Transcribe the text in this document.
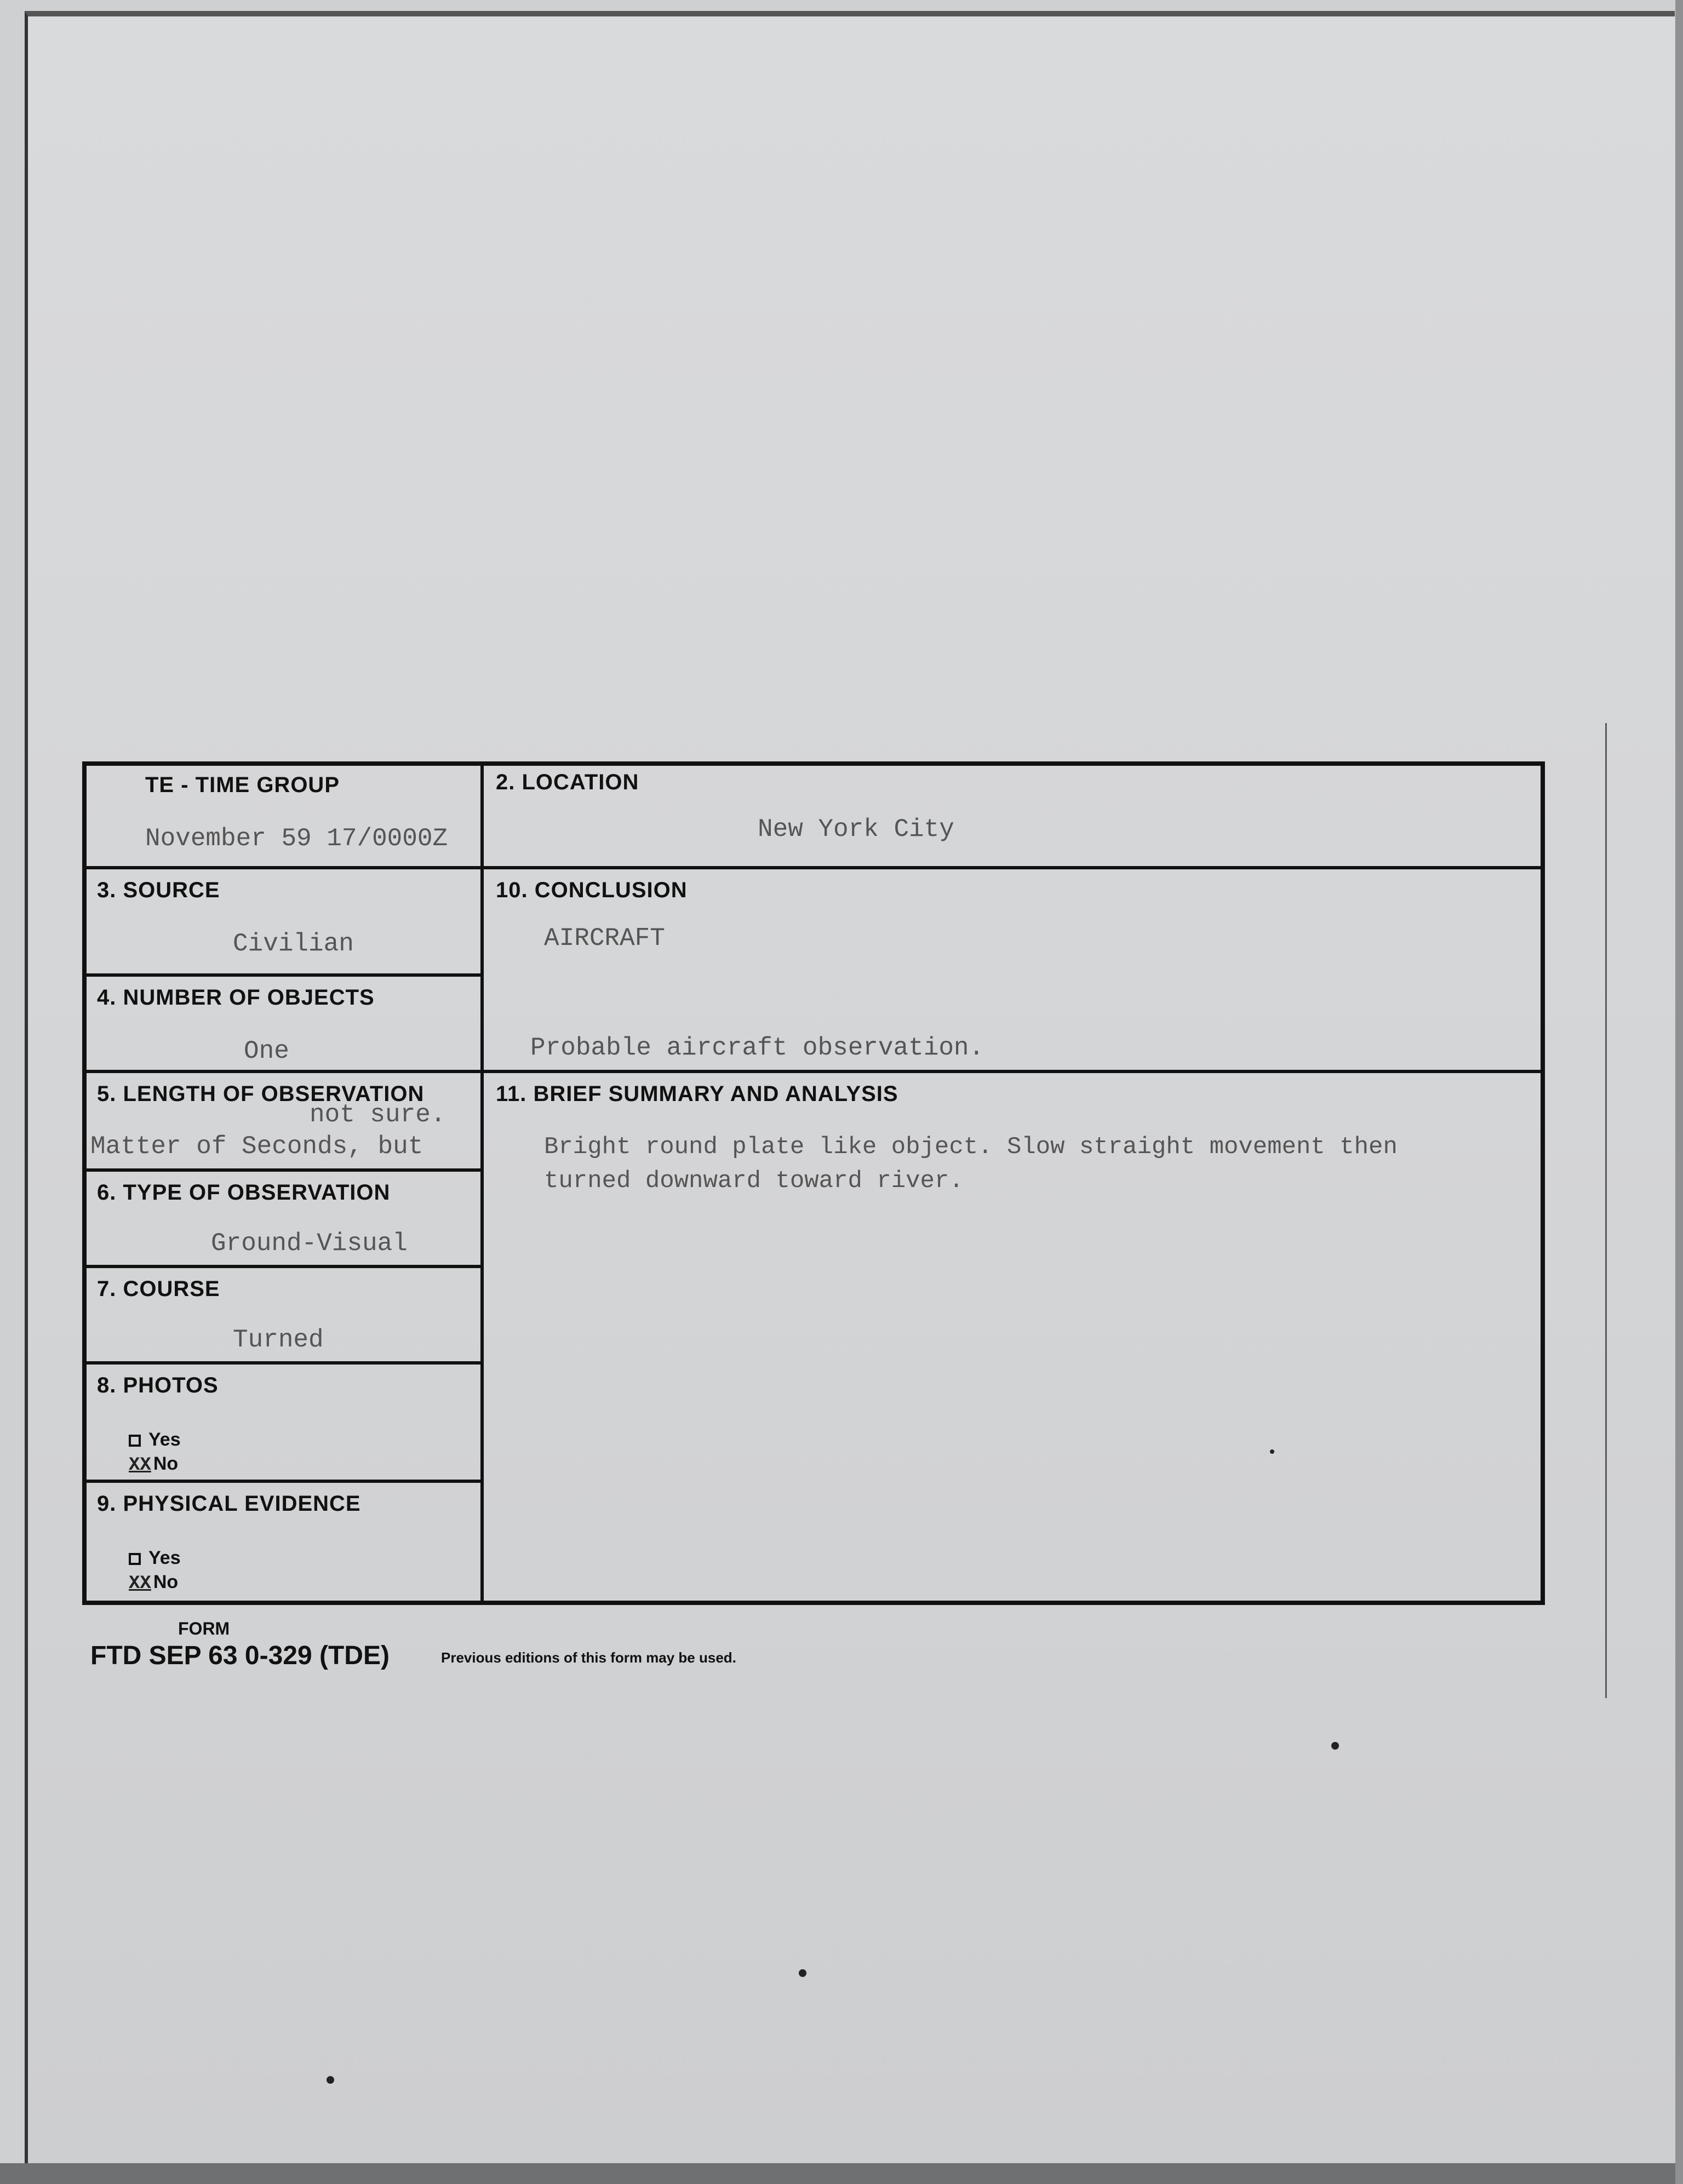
TE - TIME GROUP
November 59 17/0000Z
3. SOURCE
Civilian
4. NUMBER OF OBJECTS
One
5. LENGTH OF OBSERVATION
not sure.
Matter of Seconds, but
6. TYPE OF OBSERVATION
Ground-Visual
7. COURSE
Turned
8. PHOTOS
Yes
XX No
9. PHYSICAL EVIDENCE
Yes
XX No
2. LOCATION
New York City
10. CONCLUSION
AIRCRAFT
Probable aircraft observation.
11. BRIEF SUMMARY AND ANALYSIS
Bright round plate like object. Slow straight movement then
turned downward toward river.
FORM
FTD SEP 63 0-329 (TDE)	Previous editions of this form may be used.
